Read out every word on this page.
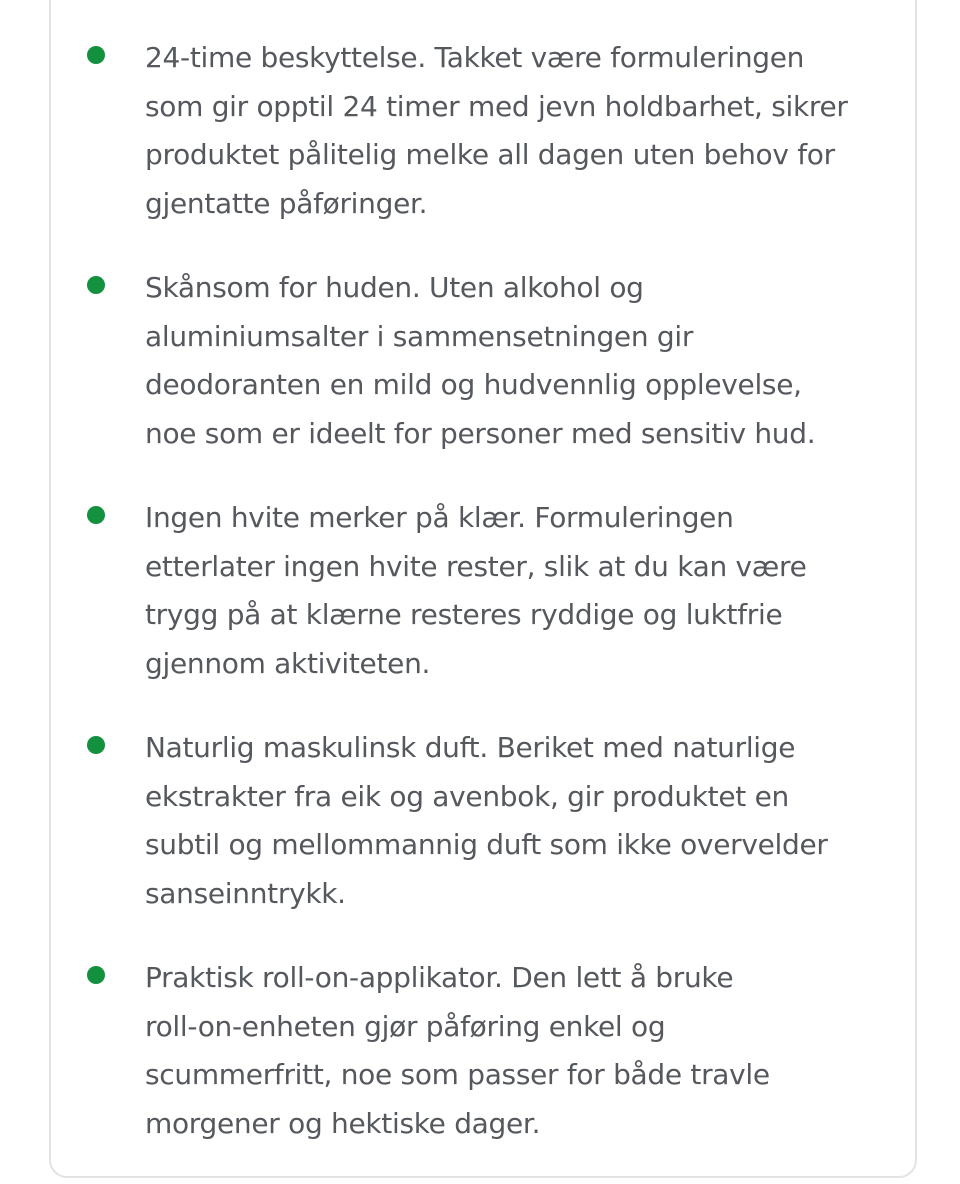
24-time beskyttelse. Takket være formuleringen
som gir opptil 24 timer med jevn holdbarhet, sikrer
produktet pålitelig melke all dagen uten behov for
gjentatte påføringer.
Skånsom for huden. Uten alkohol og
aluminiumsalter i sammensetningen gir
deodoranten en mild og hudvennlig opplevelse,
noe som er ideelt for personer med sensitiv hud.
Ingen hvite merker på klær. Formuleringen
etterlater ingen hvite rester, slik at du kan være
trygg på at klærne resteres ryddige og luktfrie
gjennom aktiviteten.
Naturlig maskulinsk duft. Beriket med naturlige
ekstrakter fra eik og avenbok, gir produktet en
subtil og mellommannig duft som ikke overvelder
sanseinntrykk.
Praktisk roll-on-applikator. Den lett å bruke
roll-on-enheten gjør påføring enkel og
scummerfritt, noe som passer for både travle
morgener og hektiske dager.
